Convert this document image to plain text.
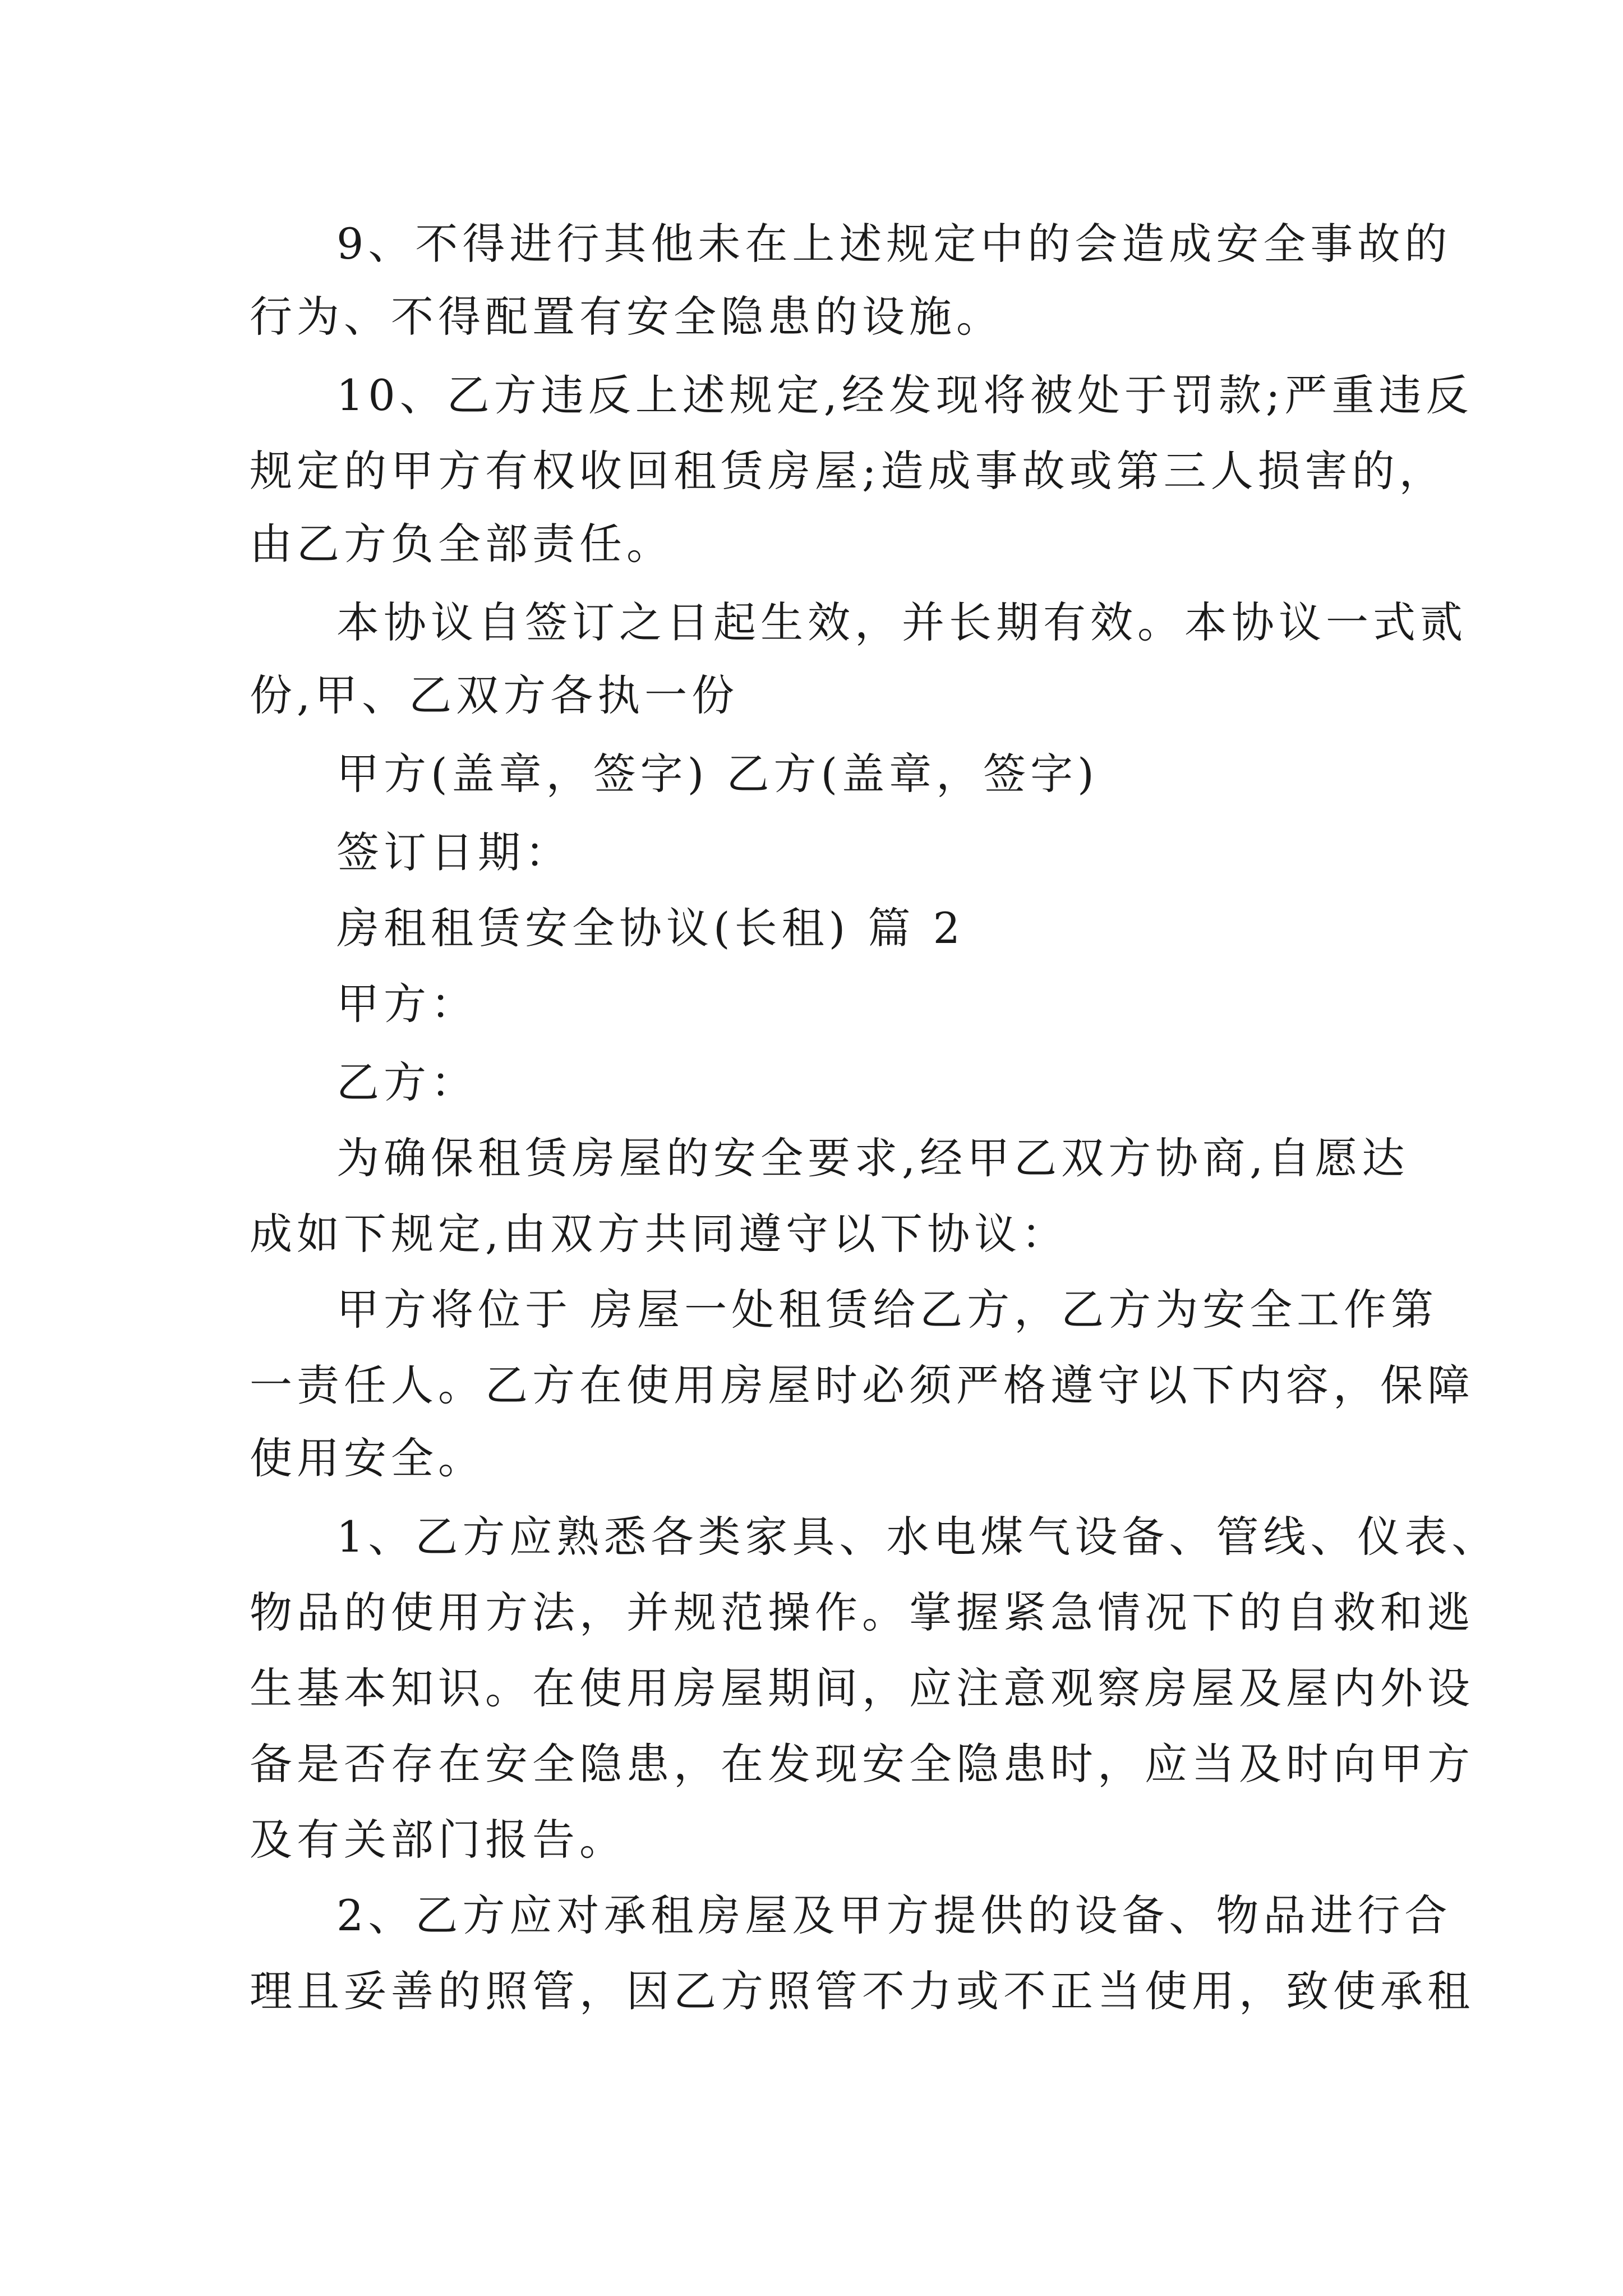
9、不得进行其他未在上述规定中的会造成安全事故的
行为、不得配置有安全隐患的设施。
10、乙方违反上述规定,经发现将被处于罚款;严重违反
规定的甲方有权收回租赁房屋;造成事故或第三人损害的，
由乙方负全部责任。
本协议自签订之日起生效，并长期有效。本协议一式贰
份,甲、乙双方各执一份
甲方(盖章，签字) 乙方(盖章，签字)
签订日期：
房租租赁安全协议(长租) 篇 2
甲方：
乙方：
为确保租赁房屋的安全要求,经甲乙双方协商,自愿达
成如下规定,由双方共同遵守以下协议：
甲方将位于 房屋一处租赁给乙方，乙方为安全工作第
一责任人。乙方在使用房屋时必须严格遵守以下内容，保障
使用安全。
1、乙方应熟悉各类家具、水电煤气设备、管线、仪表、
物品的使用方法，并规范操作。掌握紧急情况下的自救和逃
生基本知识。在使用房屋期间，应注意观察房屋及屋内外设
备是否存在安全隐患，在发现安全隐患时，应当及时向甲方
及有关部门报告。
2、乙方应对承租房屋及甲方提供的设备、物品进行合
理且妥善的照管，因乙方照管不力或不正当使用，致使承租
